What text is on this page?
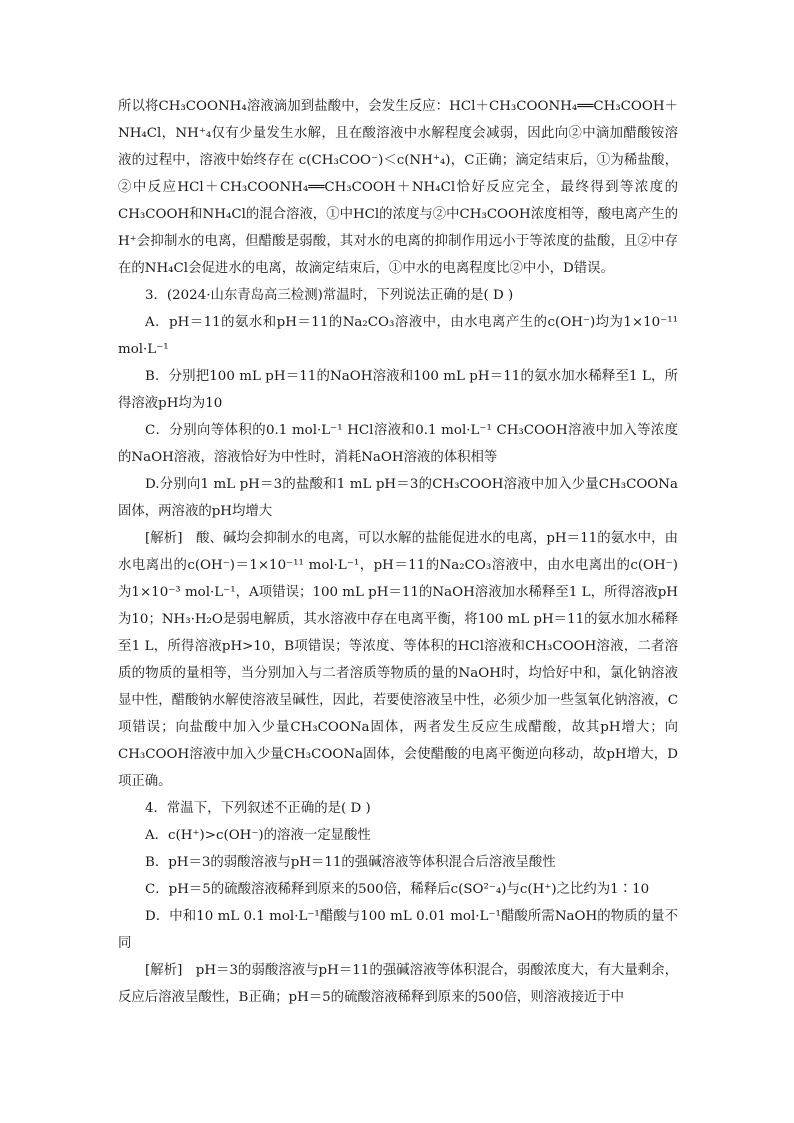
所以将CH₃COONH₄溶液滴加到盐酸中，会发生反应：HCl＋CH₃COONH₄══CH₃COOH＋NH₄Cl，NH⁺₄仅有少量发生水解，且在酸溶液中水解程度会减弱，因此向②中滴加醋酸铵溶液的过程中，溶液中始终存在 c(CH₃COO⁻)＜c(NH⁺₄)，C正确；滴定结束后，①为稀盐酸，②中反应HCl＋CH₃COONH₄══CH₃COOH＋NH₄Cl恰好反应完全，最终得到等浓度的CH₃COOH和NH₄Cl的混合溶液，①中HCl的浓度与②中CH₃COOH浓度相等，酸电离产生的H⁺会抑制水的电离，但醋酸是弱酸，其对水的电离的抑制作用远小于等浓度的盐酸，且②中存在的NH₄Cl会促进水的电离，故滴定结束后，①中水的电离程度比②中小，D错误。

3．(2024·山东青岛高三检测)常温时，下列说法正确的是( D )

A．pH＝11的氨水和pH＝11的Na₂CO₃溶液中，由水电离产生的c(OH⁻)均为1×10⁻¹¹ mol·L⁻¹

B．分别把100 mL pH＝11的NaOH溶液和100 mL pH＝11的氨水加水稀释至1 L，所得溶液pH均为10

C．分别向等体积的0.1 mol·L⁻¹ HCl溶液和0.1 mol·L⁻¹ CH₃COOH溶液中加入等浓度的NaOH溶液，溶液恰好为中性时，消耗NaOH溶液的体积相等

D.分别向1 mL pH＝3的盐酸和1 mL pH＝3的CH₃COOH溶液中加入少量CH₃COONa固体，两溶液的pH均增大

[解析]　酸、碱均会抑制水的电离，可以水解的盐能促进水的电离，pH＝11的氨水中，由水电离出的c(OH⁻)＝1×10⁻¹¹ mol·L⁻¹，pH＝11的Na₂CO₃溶液中，由水电离出的c(OH⁻)为1×10⁻³ mol·L⁻¹，A项错误；100 mL pH＝11的NaOH溶液加水稀释至1 L，所得溶液pH为10；NH₃·H₂O是弱电解质，其水溶液中存在电离平衡，将100 mL pH＝11的氨水加水稀释至1 L，所得溶液pH>10，B项错误；等浓度、等体积的HCl溶液和CH₃COOH溶液，二者溶质的物质的量相等，当分别加入与二者溶质等物质的量的NaOH时，均恰好中和，氯化钠溶液显中性，醋酸钠水解使溶液呈碱性，因此，若要使溶液呈中性，必须少加一些氢氧化钠溶液，C项错误；向盐酸中加入少量CH₃COONa固体，两者发生反应生成醋酸，故其pH增大；向CH₃COOH溶液中加入少量CH₃COONa固体，会使醋酸的电离平衡逆向移动，故pH增大，D项正确。

4．常温下，下列叙述不正确的是( D )

A．c(H⁺)>c(OH⁻)的溶液一定显酸性

B．pH＝3的弱酸溶液与pH＝11的强碱溶液等体积混合后溶液呈酸性

C．pH＝5的硫酸溶液稀释到原来的500倍，稀释后c(SO²⁻₄)与c(H⁺)之比约为1∶10

D．中和10 mL 0.1 mol·L⁻¹醋酸与100 mL 0.01 mol·L⁻¹醋酸所需NaOH的物质的量不同

[解析]　pH＝3的弱酸溶液与pH＝11的强碱溶液等体积混合，弱酸浓度大，有大量剩余，反应后溶液呈酸性，B正确；pH＝5的硫酸溶液稀释到原来的500倍，则溶液接近于中
